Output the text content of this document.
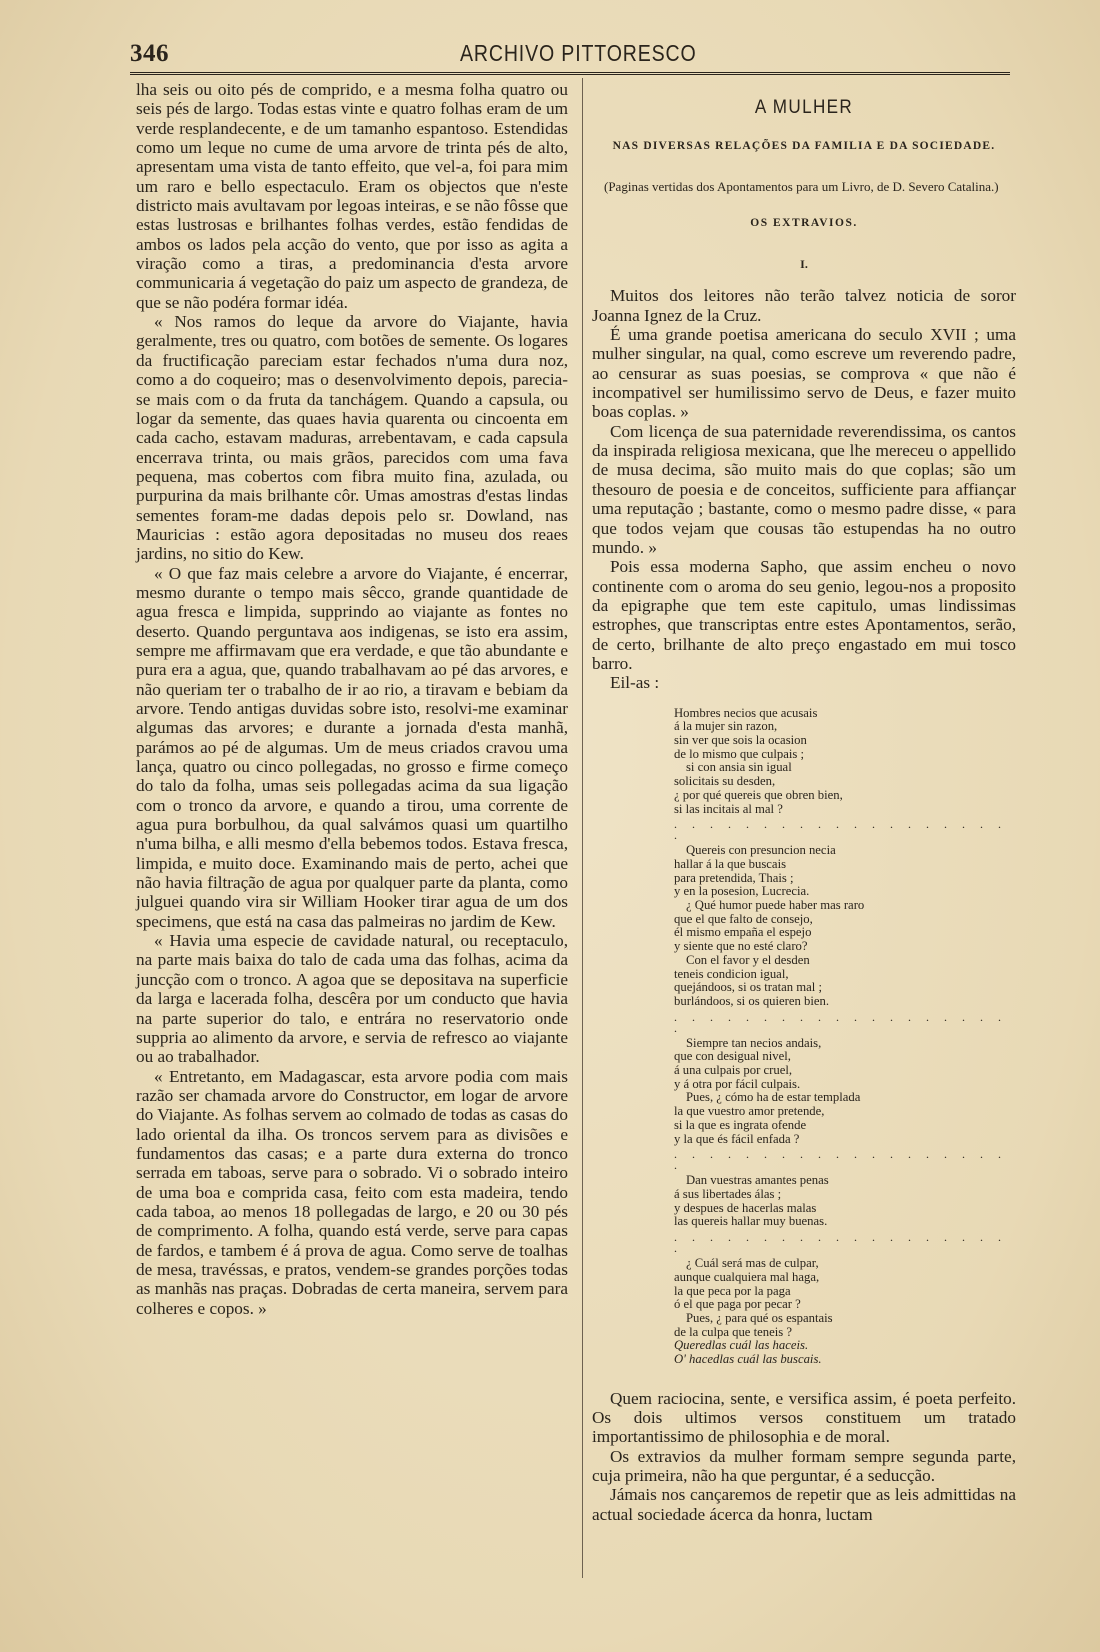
346	ARCHIVO PITTORESCO

lha seis ou oito pés de comprido, e a mesma folha quatro ou seis pés de largo. Todas estas vinte e quatro folhas eram de um verde resplandecente, e de um tamanho espantoso. Estendidas como um leque no cume de uma arvore de trinta pés de alto, apresentam uma vista de tanto effeito, que vel-a, foi para mim um raro e bello espectaculo. Eram os objectos que n'este districto mais avultavam por legoas inteiras, e se não fôsse que estas lustrosas e brilhantes folhas verdes, estão fendidas de ambos os lados pela acção do vento, que por isso as agita a viração como a tiras, a predominancia d'esta arvore communicaria á vegetação do paiz um aspecto de grandeza, de que se não podéra formar idéa.

« Nos ramos do leque da arvore do Viajante, havia geralmente, tres ou quatro, com botões de semente. Os logares da fructificação pareciam estar fechados n'uma dura noz, como a do coqueiro; mas o desenvolvimento depois, parecia-se mais com o da fruta da tanchágem. Quando a capsula, ou logar da semente, das quaes havia quarenta ou cincoenta em cada cacho, estavam maduras, arrebentavam, e cada capsula encerrava trinta, ou mais grãos, parecidos com uma fava pequena, mas cobertos com fibra muito fina, azulada, ou purpurina da mais brilhante côr. Umas amostras d'estas lindas sementes foram-me dadas depois pelo sr. Dowland, nas Mauricias : estão agora depositadas no museu dos reaes jardins, no sitio do Kew.

« O que faz mais celebre a arvore do Viajante, é encerrar, mesmo durante o tempo mais sêcco, grande quantidade de agua fresca e limpida, supprindo ao viajante as fontes no deserto. Quando perguntava aos indigenas, se isto era assim, sempre me affirmavam que era verdade, e que tão abundante e pura era a agua, que, quando trabalhavam ao pé das arvores, e não queriam ter o trabalho de ir ao rio, a tiravam e bebiam da arvore. Tendo antigas duvidas sobre isto, resolvi-me examinar algumas das arvores; e durante a jornada d'esta manhã, parámos ao pé de algumas. Um de meus criados cravou uma lança, quatro ou cinco pollegadas, no grosso e firme começo do talo da folha, umas seis pollegadas acima da sua ligação com o tronco da arvore, e quando a tirou, uma corrente de agua pura borbulhou, da qual salvámos quasi um quartilho n'uma bilha, e alli mesmo d'ella bebemos todos. Estava fresca, limpida, e muito doce. Examinando mais de perto, achei que não havia filtração de agua por qualquer parte da planta, como julguei quando vira sir William Hooker tirar agua de um dos specimens, que está na casa das palmeiras no jardim de Kew.

« Havia uma especie de cavidade natural, ou receptaculo, na parte mais baixa do talo de cada uma das folhas, acima da juncção com o tronco. A agoa que se depositava na superficie da larga e lacerada folha, descêra por um conducto que havia na parte superior do talo, e entrára no reservatorio onde suppria ao alimento da arvore, e servia de refresco ao viajante ou ao trabalhador.

« Entretanto, em Madagascar, esta arvore podia com mais razão ser chamada arvore do Constructor, em logar de arvore do Viajante. As folhas servem ao colmado de todas as casas do lado oriental da ilha. Os troncos servem para as divisões e fundamentos das casas; e a parte dura externa do tronco serrada em taboas, serve para o sobrado. Vi o sobrado inteiro de uma boa e comprida casa, feito com esta madeira, tendo cada taboa, ao menos 18 pollegadas de largo, e 20 ou 30 pés de comprimento. A folha, quando está verde, serve para capas de fardos, e tambem é á prova de agua. Como serve de toalhas de mesa, travéssas, e pratos, vendem-se grandes porções todas as manhãs nas praças. Dobradas de certa maneira, servem para colheres e copos. »

A MULHER
NAS DIVERSAS RELAÇÕES DA FAMILIA E DA SOCIEDADE.

(Paginas vertidas dos Apontamentos para um Livro, de D. Severo Catalina.)

OS EXTRAVIOS.
I.

Muitos dos leitores não terão talvez noticia de soror Joanna Ignez de la Cruz.

É uma grande poetisa americana do seculo XVII ; uma mulher singular, na qual, como escreve um reverendo padre, ao censurar as suas poesias, se comprova « que não é incompativel ser humilissimo servo de Deus, e fazer muito boas coplas. »

Com licença de sua paternidade reverendissima, os cantos da inspirada religiosa mexicana, que lhe mereceu o appellido de musa decima, são muito mais do que coplas; são um thesouro de poesia e de conceitos, sufficiente para affiançar uma reputação ; bastante, como o mesmo padre disse, « para que todos vejam que cousas tão estupendas ha no outro mundo. »

Pois essa moderna Sapho, que assim encheu o novo continente com o aroma do seu genio, legou-nos a proposito da epigraphe que tem este capitulo, umas lindissimas estrophes, que transcriptas entre estes Apontamentos, serão, de certo, brilhante de alto preço engastado em mui tosco barro.

Eil-as :

Hombres necios que acusais
á la mujer sin razon,
sin ver que sois la ocasion
de lo mismo que culpais ;
si con ansia sin igual
solicitais su desden,
¿ por qué quereis que obren bien,
si las incitais al mal ?
. . . . . . . . . . . . . . . . . . . .
Quereis con presuncion necia
hallar á la que buscais
para pretendida, Thais ;
y en la posesion, Lucrecia.
¿ Qué humor puede haber mas raro
que el que falto de consejo,
él mismo empaña el espejo
y siente que no esté claro?
Con el favor y el desden
teneis condicion igual,
quejándoos, si os tratan mal ;
burlándoos, si os quieren bien.
. . . . . . . . . . . . . . . . . . . .
Siempre tan necios andais,
que con desigual nivel,
á una culpais por cruel,
y á otra por fácil culpais.
Pues, ¿ cómo ha de estar templada
la que vuestro amor pretende,
si la que es ingrata ofende
y la que és fácil enfada ?
. . . . . . . . . . . . . . . . . . . .
Dan vuestras amantes penas
á sus libertades álas ;
y despues de hacerlas malas
las quereis hallar muy buenas.
. . . . . . . . . . . . . . . . . . . .
¿ Cuál será mas de culpar,
aunque cualquiera mal haga,
la que peca por la paga
ó el que paga por pecar ?
Pues, ¿ para qué os espantais
de la culpa que teneis ?
Queredlas cuál las haceis.
O' hacedlas cuál las buscais.

Quem raciocina, sente, e versifica assim, é poeta perfeito. Os dois ultimos versos constituem um tratado importantissimo de philosophia e de moral.

Os extravios da mulher formam sempre segunda parte, cuja primeira, não ha que perguntar, é a seducção.

Jámais nos cançaremos de repetir que as leis admittidas na actual sociedade ácerca da honra, luctam
